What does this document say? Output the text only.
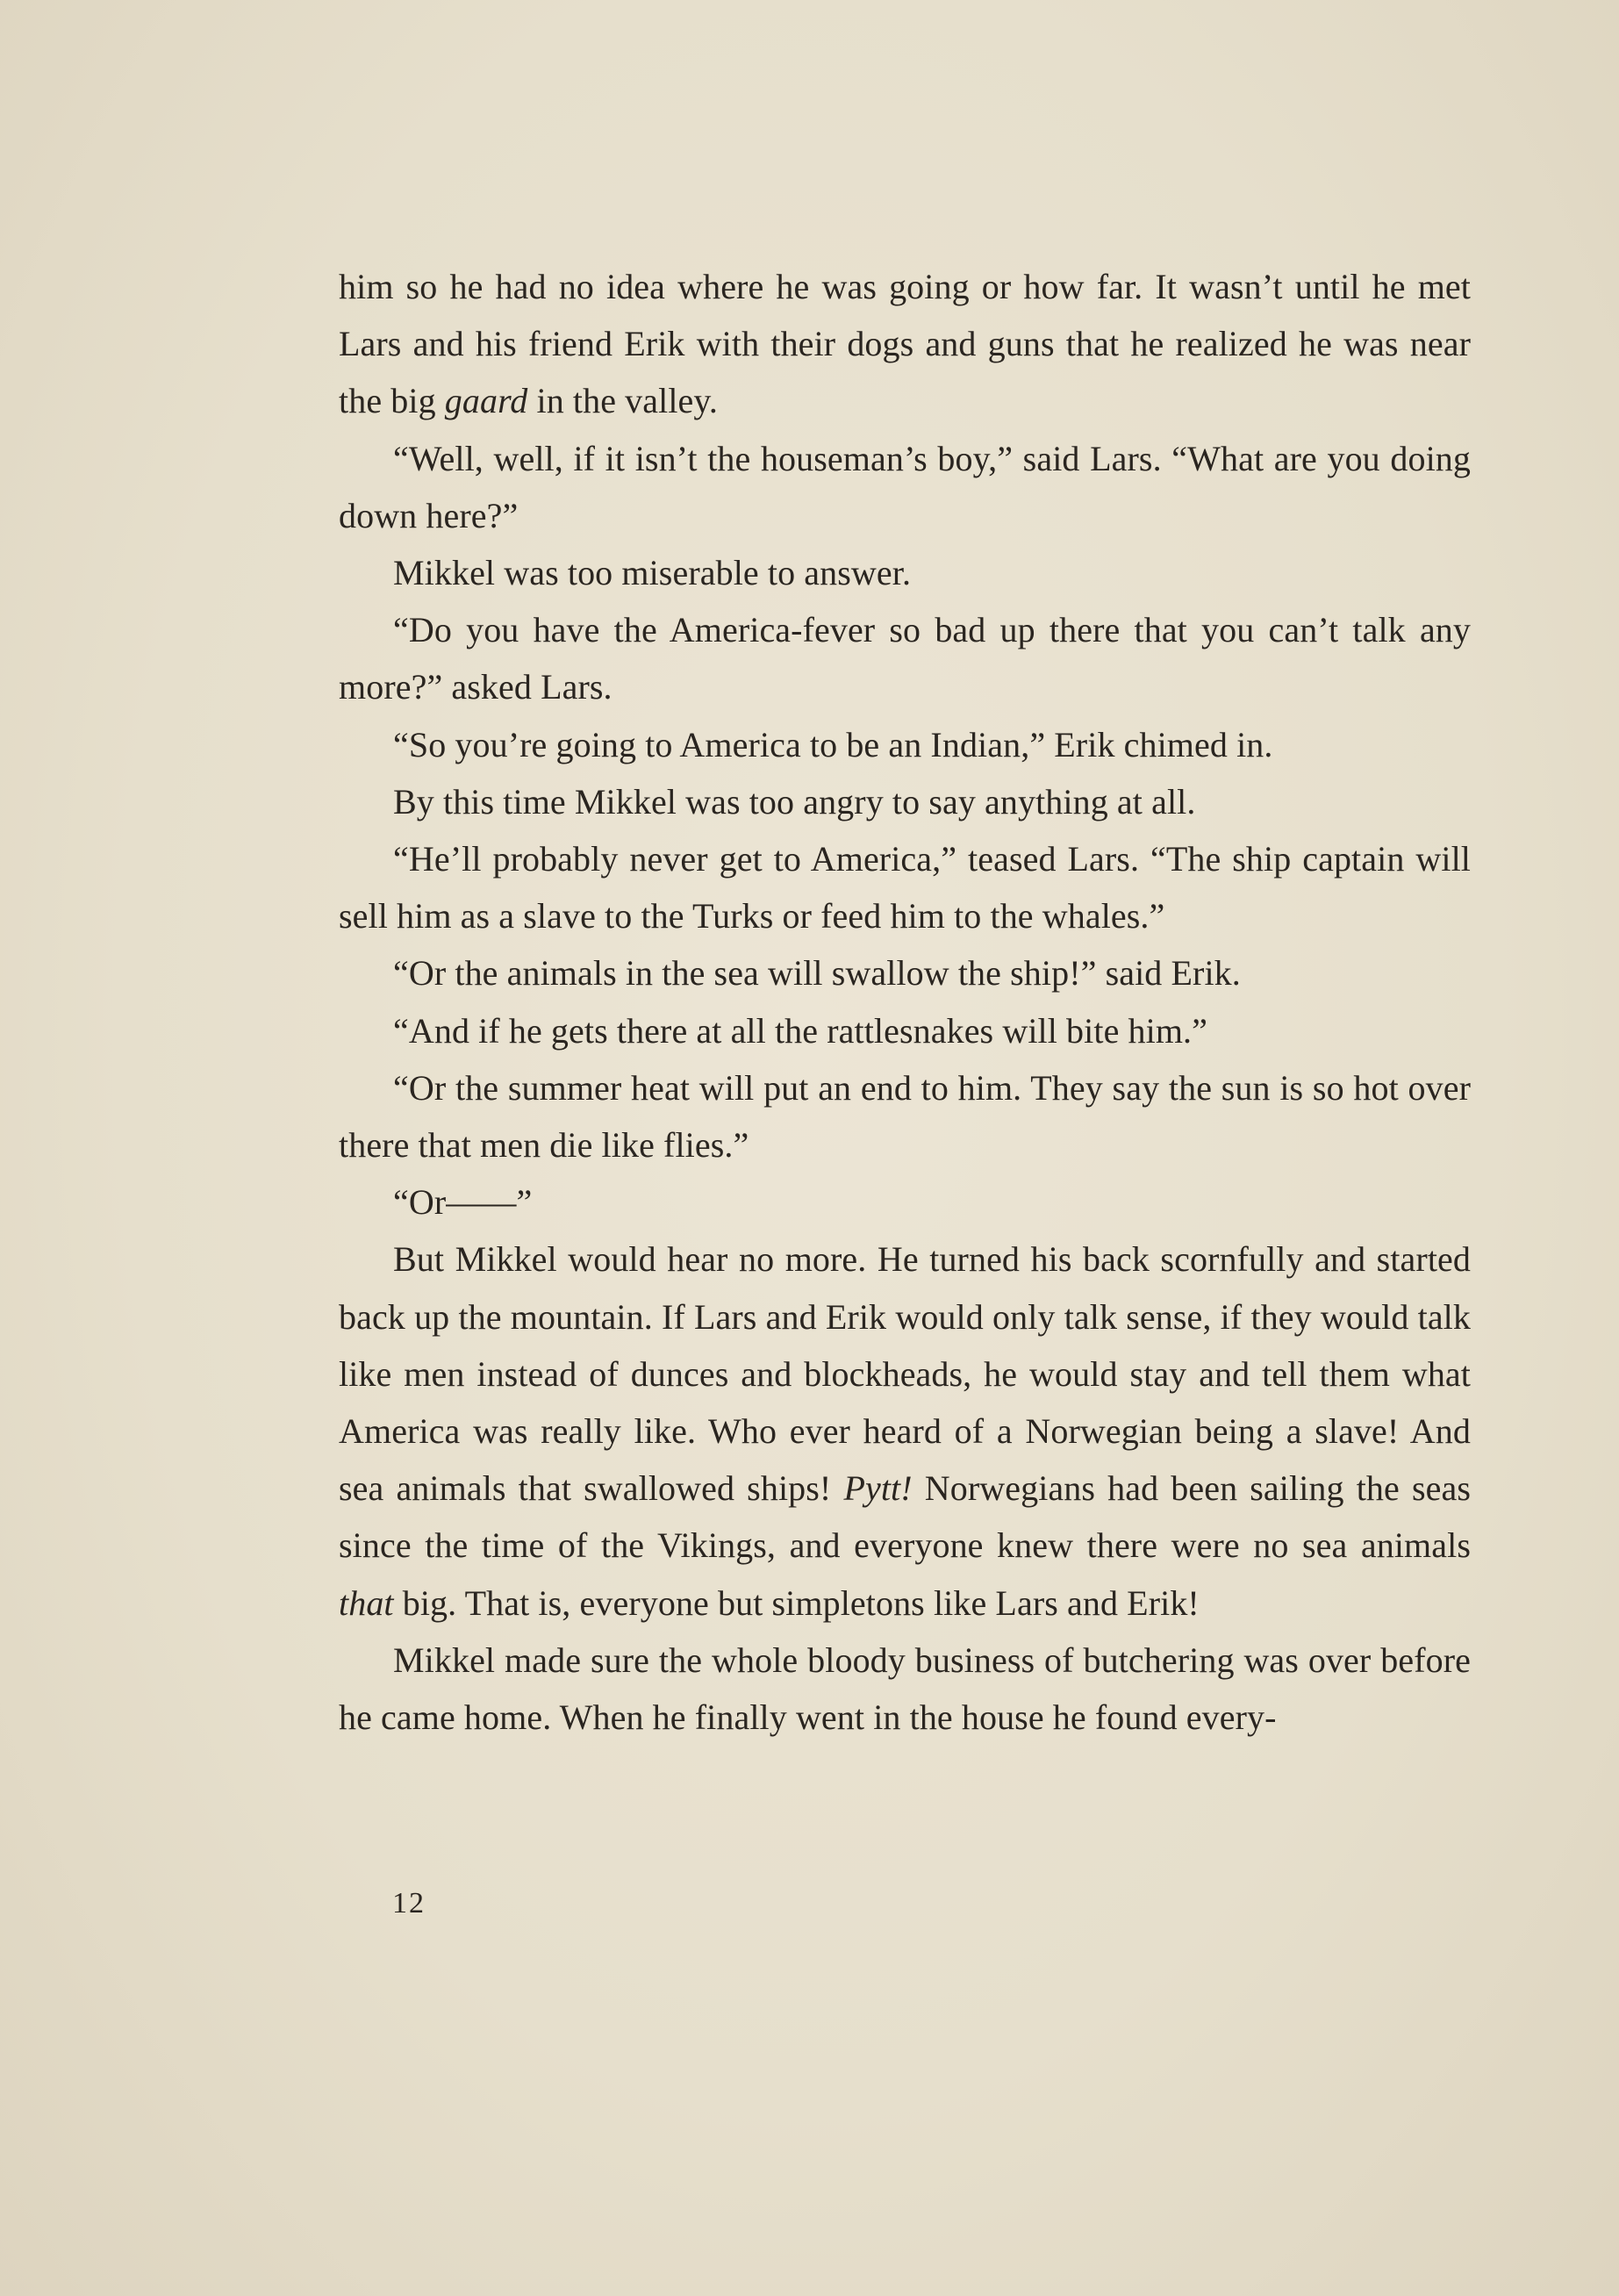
him so he had no idea where he was going or how far. It wasn’t until he met Lars and his friend Erik with their dogs and guns that he realized he was near the big gaard in the valley.

“Well, well, if it isn’t the houseman’s boy,” said Lars. “What are you doing down here?”

Mikkel was too miserable to answer.

“Do you have the America-fever so bad up there that you can’t talk any more?” asked Lars.

“So you’re going to America to be an Indian,” Erik chimed in.

By this time Mikkel was too angry to say anything at all.

“He’ll probably never get to America,” teased Lars. “The ship captain will sell him as a slave to the Turks or feed him to the whales.”

“Or the animals in the sea will swallow the ship!” said Erik.

“And if he gets there at all the rattlesnakes will bite him.”

“Or the summer heat will put an end to him. They say the sun is so hot over there that men die like flies.”

“Or——”

But Mikkel would hear no more. He turned his back scornfully and started back up the mountain. If Lars and Erik would only talk sense, if they would talk like men instead of dunces and blockheads, he would stay and tell them what America was really like. Who ever heard of a Norwegian being a slave! And sea animals that swallowed ships! Pytt! Norwegians had been sailing the seas since the time of the Vikings, and everyone knew there were no sea animals that big. That is, everyone but simpletons like Lars and Erik!

Mikkel made sure the whole bloody business of butchering was over before he came home. When he finally went in the house he found every-

12
